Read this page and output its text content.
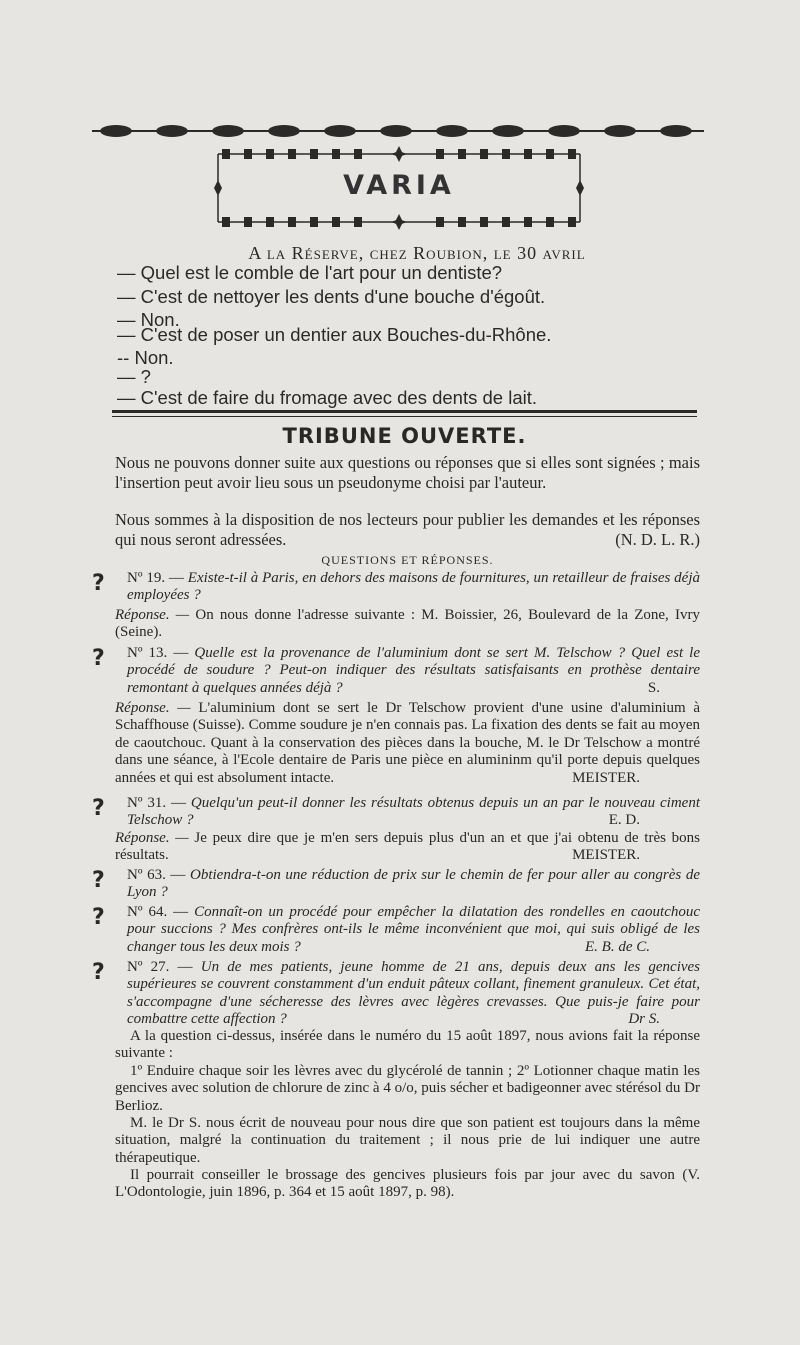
VARIA
A la Réserve, chez Roubion, le 30 avril
— Quel est le comble de l'art pour un dentiste?
— C'est de nettoyer les dents d'une bouche d'égoût.
— Non.
— C'est de poser un dentier aux Bouches-du-Rhône.
-- Non.
— ?
— C'est de faire du fromage avec des dents de lait.
TRIBUNE OUVERTE.
Nous ne pouvons donner suite aux questions ou réponses que si elles sont signées ; mais l'insertion peut avoir lieu sous un pseudonyme choisi par l'auteur.
Nous sommes à la disposition de nos lecteurs pour publier les demandes et les réponses qui nous seront adressées.	(N. D. L. R.)
QUESTIONS ET RÉPONSES.
? Nº 19. — Existe-t-il à Paris, en dehors des maisons de fournitures, un retailleur de fraises déjà employées ?
Réponse. — On nous donne l'adresse suivante : M. Boissier, 26, Boulevard de la Zone, Ivry (Seine).
? Nº 13. — Quelle est la provenance de l'aluminium dont se sert M. Telschow ? Quel est le procédé de soudure ? Peut-on indiquer des résultats satisfaisants en prothèse dentaire remontant à quelques années déjà ?	S.
Réponse. — L'aluminium dont se sert le Dr Telschow provient d'une usine d'aluminium à Schaffhouse (Suisse). Comme soudure je n'en connais pas. La fixation des dents se fait au moyen de caoutchouc. Quant à la conservation des pièces dans la bouche, M. le Dr Telschow a montré dans une séance, à l'Ecole dentaire de Paris une pièce en alumininm qu'il porte depuis quelques années et qui est absolument intacte.	MEISTER.
? Nº 31. — Quelqu'un peut-il donner les résultats obtenus depuis un an par le nouveau ciment Telschow ?	E. D.
Réponse. — Je peux dire que je m'en sers depuis plus d'un an et que j'ai obtenu de très bons résultats.	MEISTER.
? Nº 63. — Obtiendra-t-on une réduction de prix sur le chemin de fer pour aller au congrès de Lyon ?
? Nº 64. — Connaît-on un procédé pour empêcher la dilatation des rondelles en caoutchouc pour succions ? Mes confrères ont-ils le même inconvénient que moi, qui suis obligé de les changer tous les deux mois ?	E. B. de C.
? Nº 27. — Un de mes patients, jeune homme de 21 ans, depuis deux ans les gencives supérieures se couvrent constamment d'un enduit pâteux collant, finement granuleux. Cet état, s'accompagne d'une sécheresse des lèvres avec lègères crevasses. Que puis-je faire pour combattre cette affection ?	Dr S.
A la question ci-dessus, insérée dans le numéro du 15 août 1897, nous avions fait la réponse suivante :
1º Enduire chaque soir les lèvres avec du glycérolé de tannin ; 2º Lotionner chaque matin les gencives avec solution de chlorure de zinc à 4 o/o, puis sécher et badigeonner avec stérésol du Dr Berlioz.
M. le Dr S. nous écrit de nouveau pour nous dire que son patient est toujours dans la même situation, malgré la continuation du traitement ; il nous prie de lui indiquer une autre thérapeutique.
Il pourrait conseiller le brossage des gencives plusieurs fois par jour avec du savon (V. L'Odontologie, juin 1896, p. 364 et 15 août 1897, p. 98).
